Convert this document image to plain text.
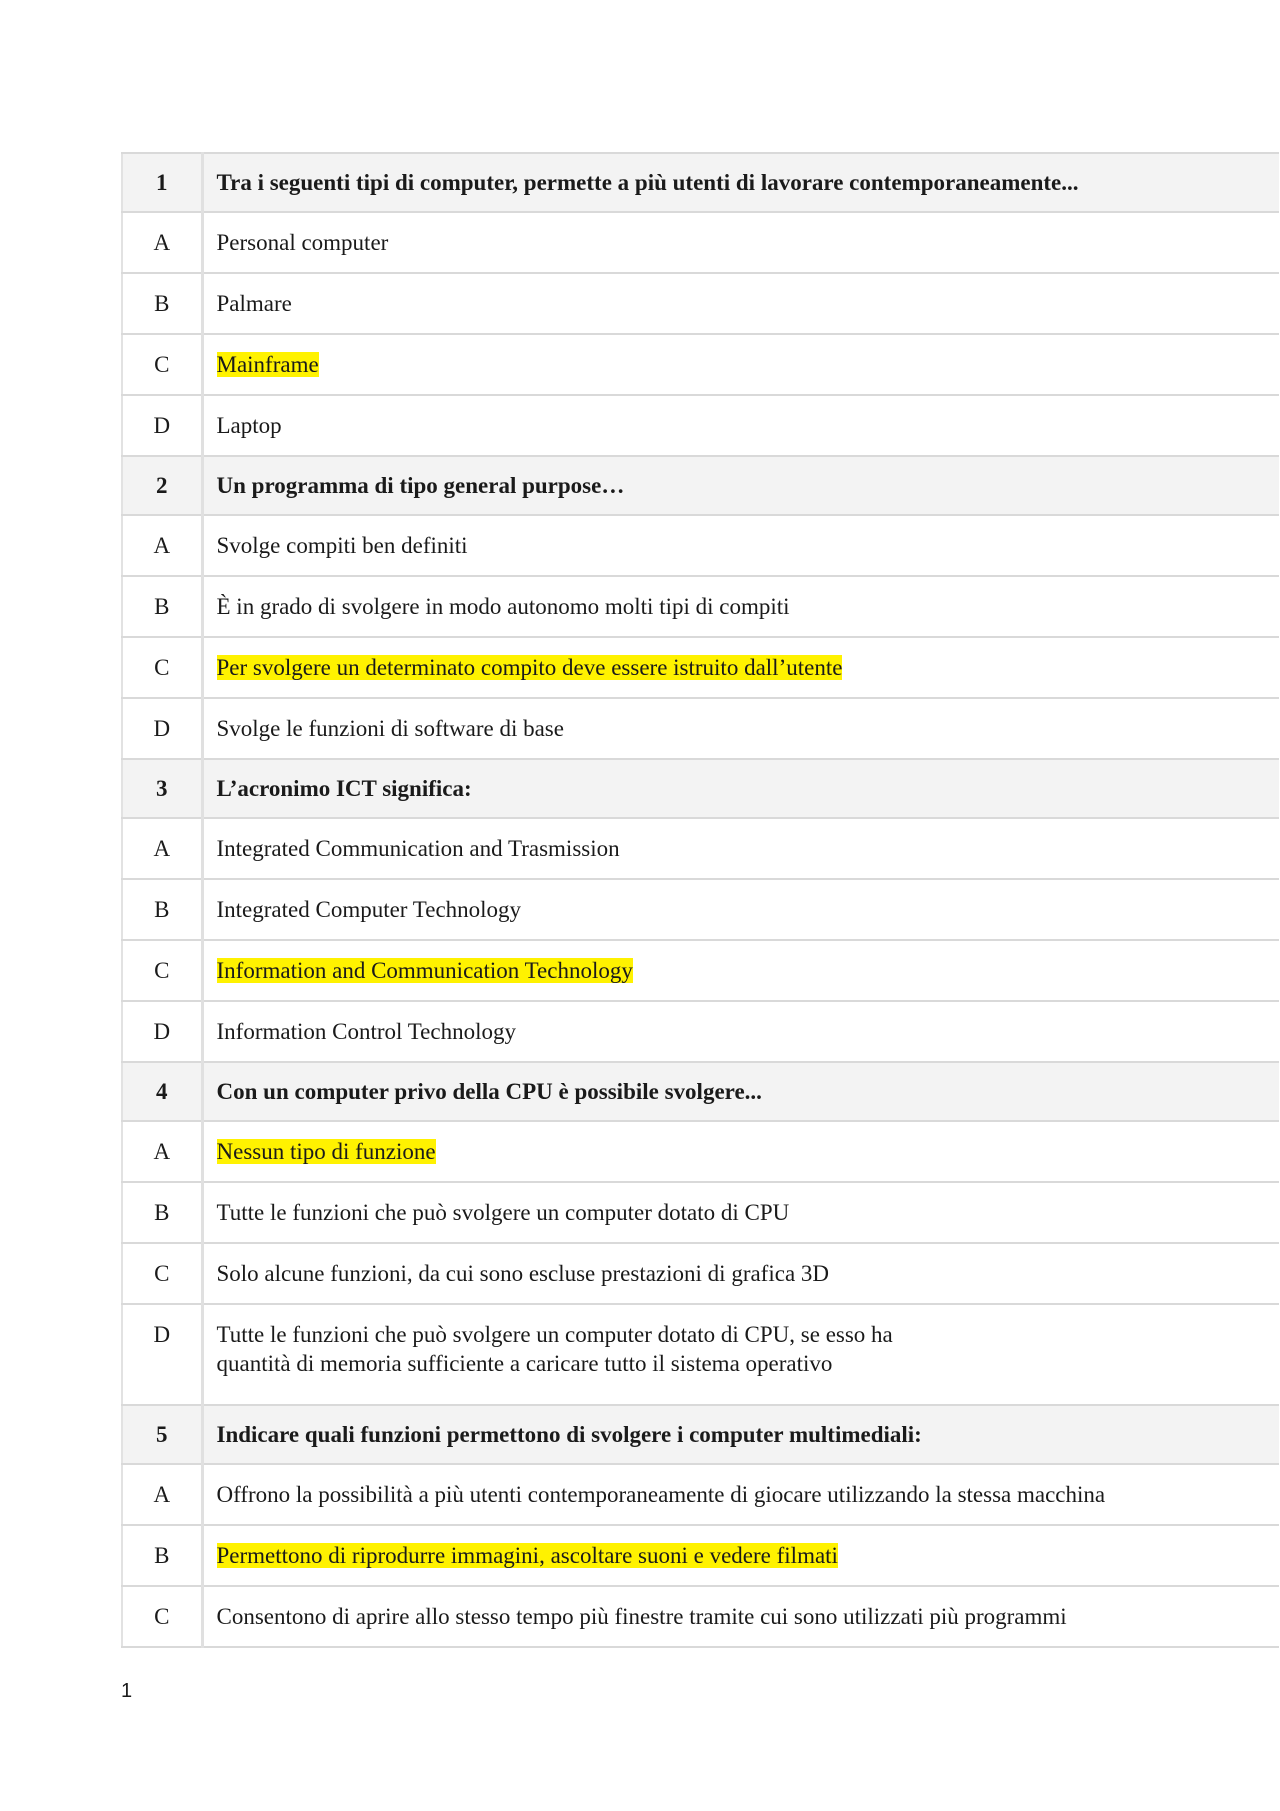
1	Tra i seguenti tipi di computer, permette a più utenti di lavorare contemporaneamente...
A	Personal computer
B	Palmare
C	Mainframe
D	Laptop
2	Un programma di tipo general purpose…
A	Svolge compiti ben definiti
B	È in grado di svolgere in modo autonomo molti tipi di compiti
C	Per svolgere un determinato compito deve essere istruito dall’utente
D	Svolge le funzioni di software di base
3	L’acronimo ICT significa:
A	Integrated Communication and Trasmission
B	Integrated Computer Technology
C	Information and Communication Technology
D	Information Control Technology
4	Con un computer privo della CPU è possibile svolgere...
A	Nessun tipo di funzione
B	Tutte le funzioni che può svolgere un computer dotato di CPU
C	Solo alcune funzioni, da cui sono escluse prestazioni di grafica 3D
D	Tutte le funzioni che può svolgere un computer dotato di CPU, se esso ha
quantità di memoria sufficiente a caricare tutto il sistema operativo
5	Indicare quali funzioni permettono di svolgere i computer multimediali:
A	Offrono la possibilità a più utenti contemporaneamente di giocare utilizzando la stessa macchina
B	Permettono di riprodurre immagini, ascoltare suoni e vedere filmati
C	Consentono di aprire allo stesso tempo più finestre tramite cui sono utilizzati più programmi
1
